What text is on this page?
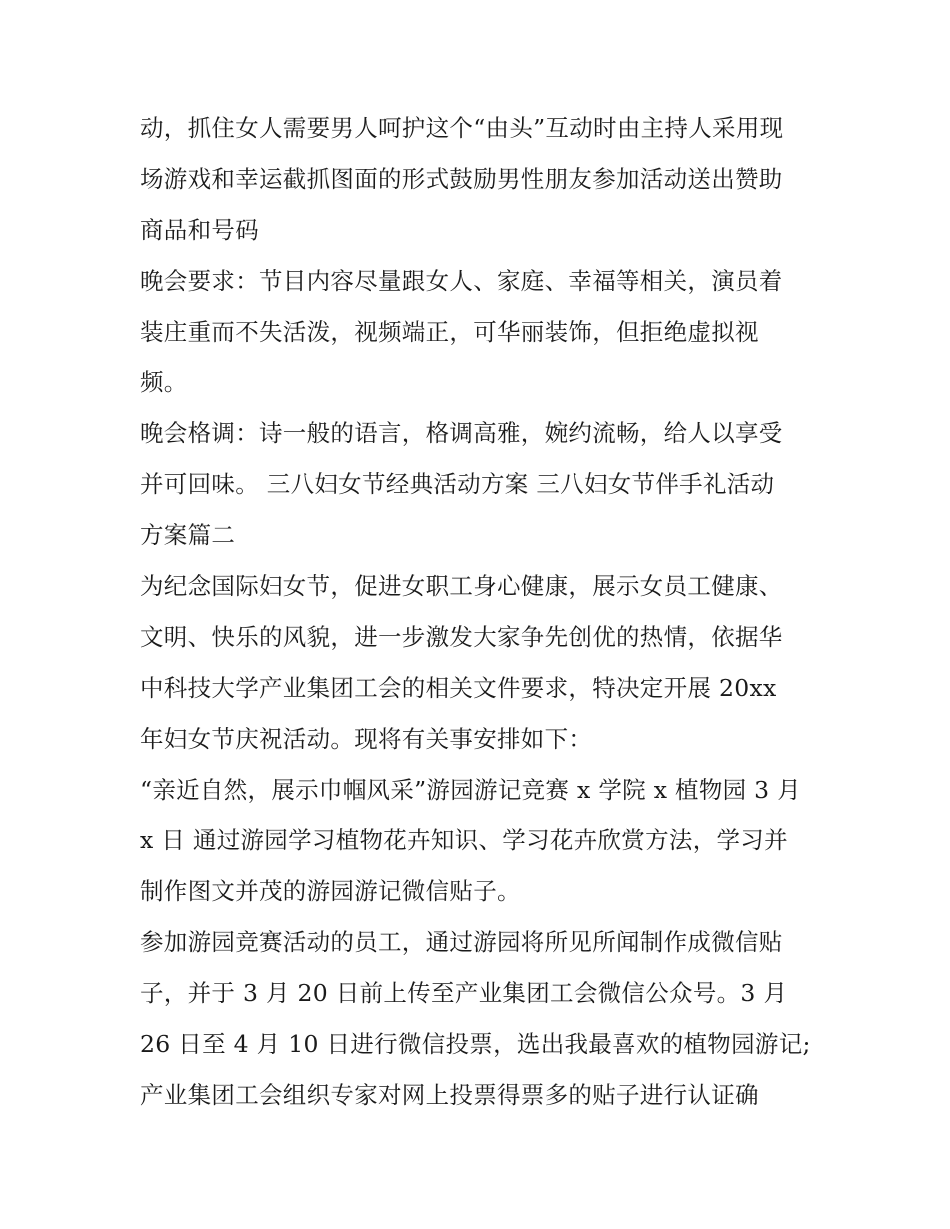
动，抓住女人需要男人呵护这个“由头”互动时由主持人采用现
场游戏和幸运截抓图面的形式鼓励男性朋友参加活动送出赞助
商品和号码
晚会要求：节目内容尽量跟女人、家庭、幸福等相关，演员着
装庄重而不失活泼，视频端正，可华丽装饰，但拒绝虚拟视
频。
晚会格调：诗一般的语言，格调高雅，婉约流畅，给人以享受
并可回味。 三八妇女节经典活动方案 三八妇女节伴手礼活动
方案篇二
为纪念国际妇女节，促进女职工身心健康，展示女员工健康、
文明、快乐的风貌，进一步激发大家争先创优的热情，依据华
中科技大学产业集团工会的相关文件要求，特决定开展 20xx
年妇女节庆祝活动。现将有关事安排如下：
“亲近自然，展示巾帼风采”游园游记竞赛 x 学院 x 植物园 3 月
x 日 通过游园学习植物花卉知识、学习花卉欣赏方法，学习并
制作图文并茂的游园游记微信贴子。
参加游园竞赛活动的员工，通过游园将所见所闻制作成微信贴
子，并于 3 月 20 日前上传至产业集团工会微信公众号。3 月
26 日至 4 月 10 日进行微信投票，选出我最喜欢的植物园游记;
产业集团工会组织专家对网上投票得票多的贴子进行认证确
